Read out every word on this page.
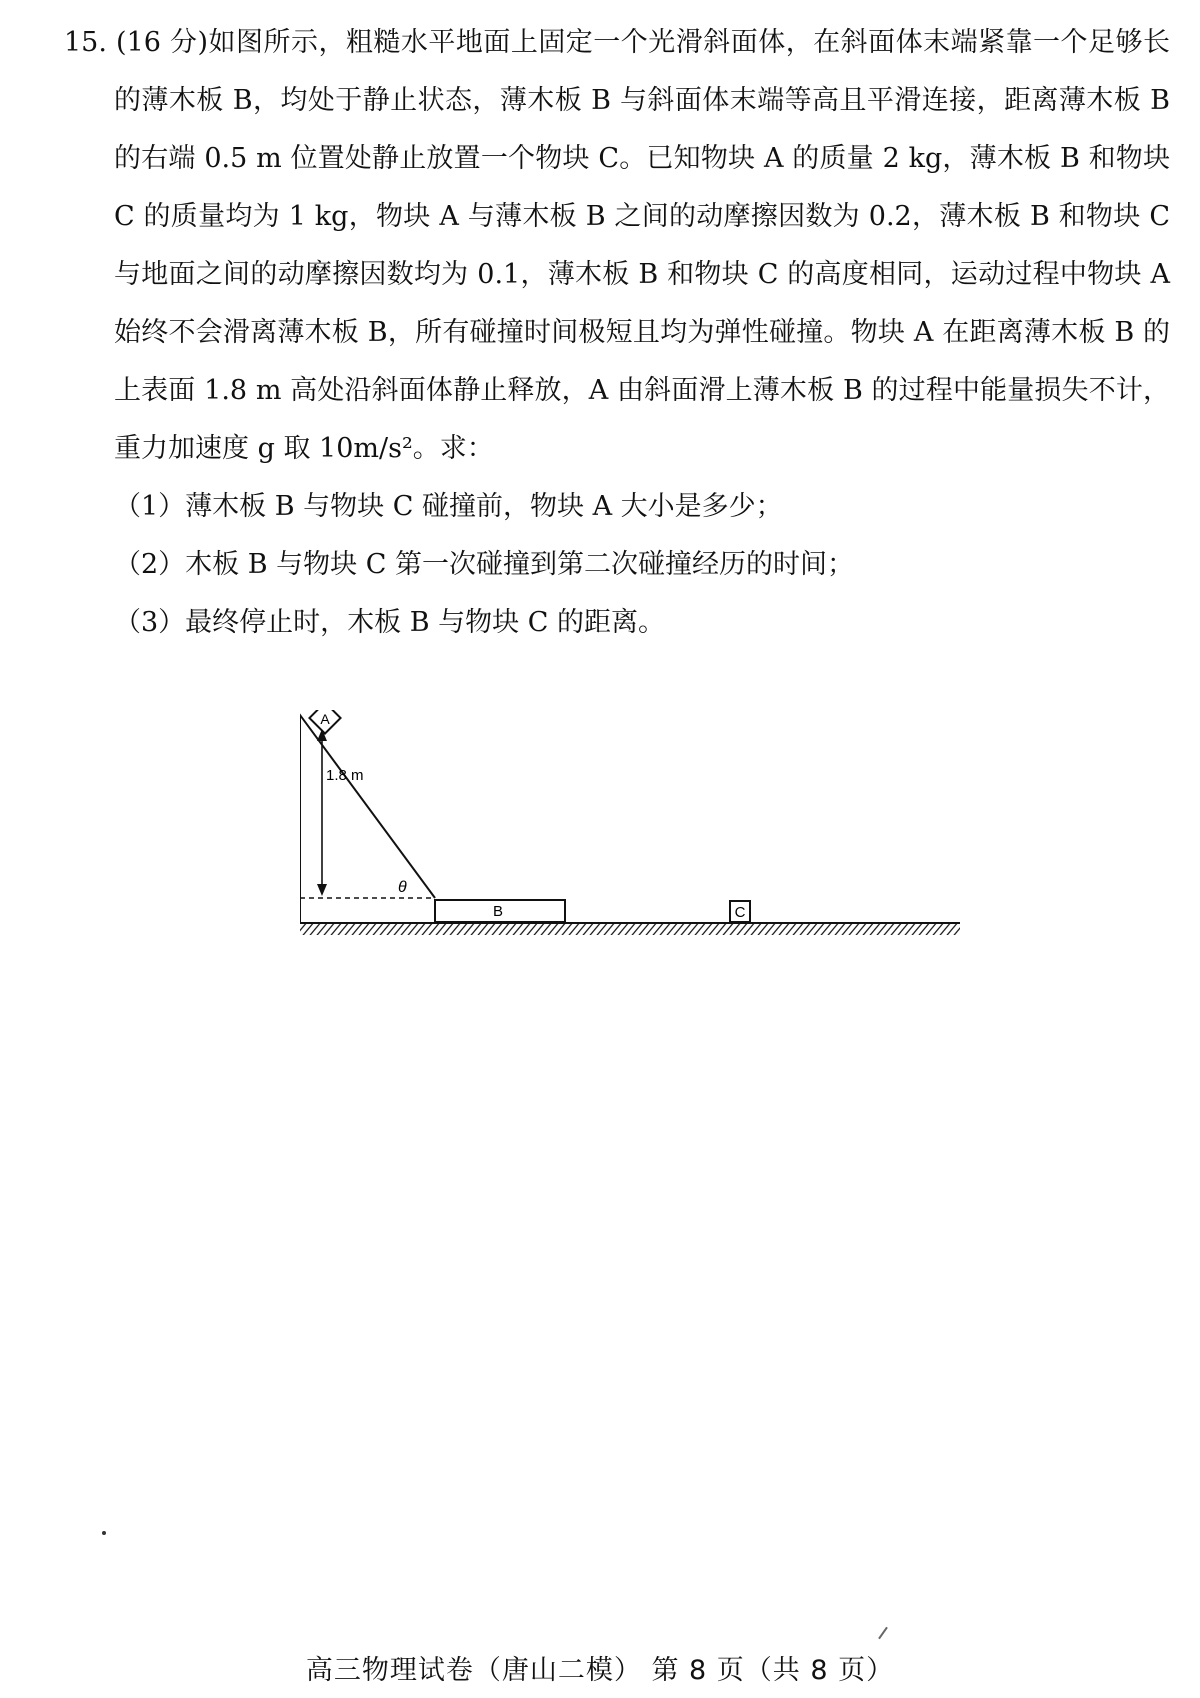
15. (16 分)如图所示，粗糙水平地面上固定一个光滑斜面体，在斜面体末端紧靠一个足够长的薄木板 B，均处于静止状态，薄木板 B 与斜面体末端等高且平滑连接，距离薄木板 B 的右端 0.5 m 位置处静止放置一个物块 C。已知物块 A 的质量 2 kg，薄木板 B 和物块 C 的质量均为 1 kg，物块 A 与薄木板 B 之间的动摩擦因数为 0.2，薄木板 B 和物块 C 与地面之间的动摩擦因数均为 0.1，薄木板 B 和物块 C 的高度相同，运动过程中物块 A 始终不会滑离薄木板 B，所有碰撞时间极短且均为弹性碰撞。物块 A 在距离薄木板 B 的上表面 1.8 m 高处沿斜面体静止释放，A 由斜面滑上薄木板 B 的过程中能量损失不计，重力加速度 g 取 10m/s²。求：

（1）薄木板 B 与物块 C 碰撞前，物块 A 大小是多少；
（2）木板 B 与物块 C 第一次碰撞到第二次碰撞经历的时间；
（3）最终停止时，木板 B 与物块 C 的距离。
A
1.8 m
θ
B	C
高三物理试卷（唐山二模） 第 8 页（共 8 页）
